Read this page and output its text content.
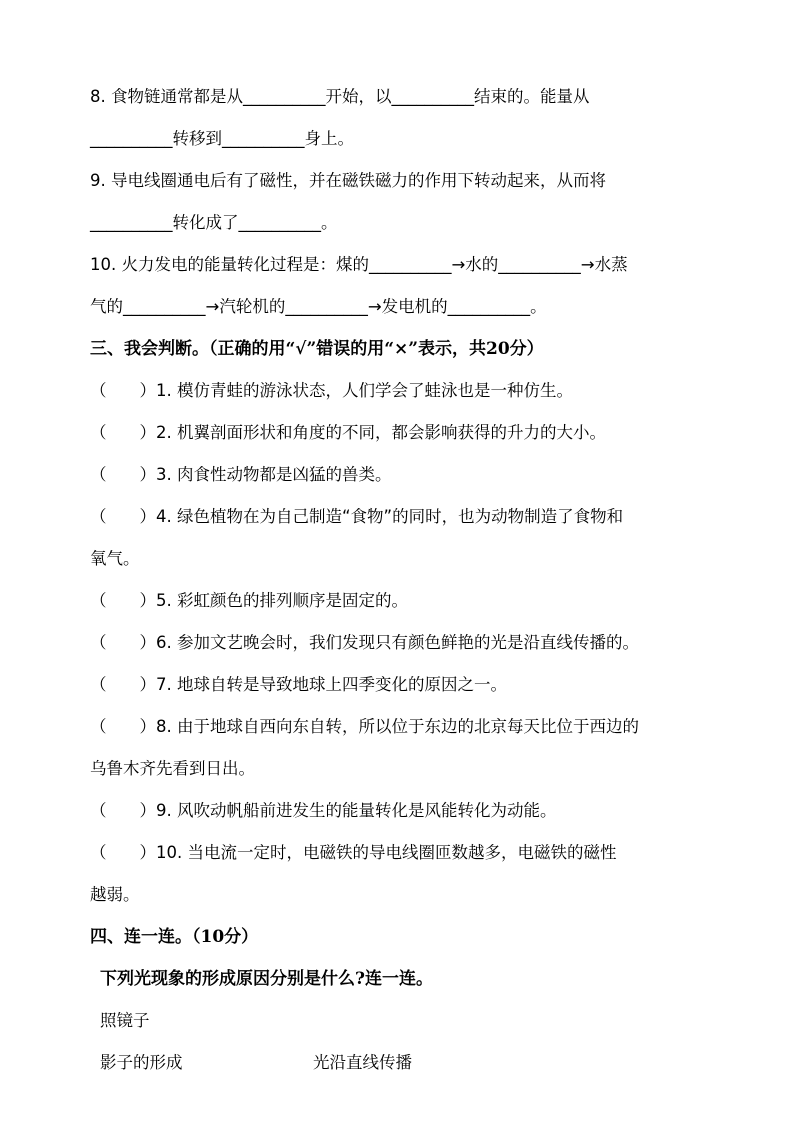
8. 食物链通常都是从__________开始，以__________结束的。能量从
__________转移到__________身上。
9. 导电线圈通电后有了磁性，并在磁铁磁力的作用下转动起来，从而将
__________转化成了__________。
10. 火力发电的能量转化过程是：煤的__________→水的__________→水蒸
气的__________→汽轮机的__________→发电机的__________。
三、我会判断。（正确的用“√”错误的用“×”表示，共20分）
（　　）1. 模仿青蛙的游泳状态，人们学会了蛙泳也是一种仿生。
（　　）2. 机翼剖面形状和角度的不同，都会影响获得的升力的大小。
（　　）3. 肉食性动物都是凶猛的兽类。
（　　）4. 绿色植物在为自己制造“食物”的同时，也为动物制造了食物和
氧气。
（　　）5. 彩虹颜色的排列顺序是固定的。
（　　）6. 参加文艺晚会时，我们发现只有颜色鲜艳的光是沿直线传播的。
（　　）7. 地球自转是导致地球上四季变化的原因之一。
（　　）8. 由于地球自西向东自转，所以位于东边的北京每天比位于西边的
乌鲁木齐先看到日出。
（　　）9. 风吹动帆船前进发生的能量转化是风能转化为动能。
（　　）10. 当电流一定时，电磁铁的导电线圈匝数越多，电磁铁的磁性
越弱。
四、连一连。（10分）
下列光现象的形成原因分别是什么?连一连。
照镜子
影子的形成	光沿直线传播
